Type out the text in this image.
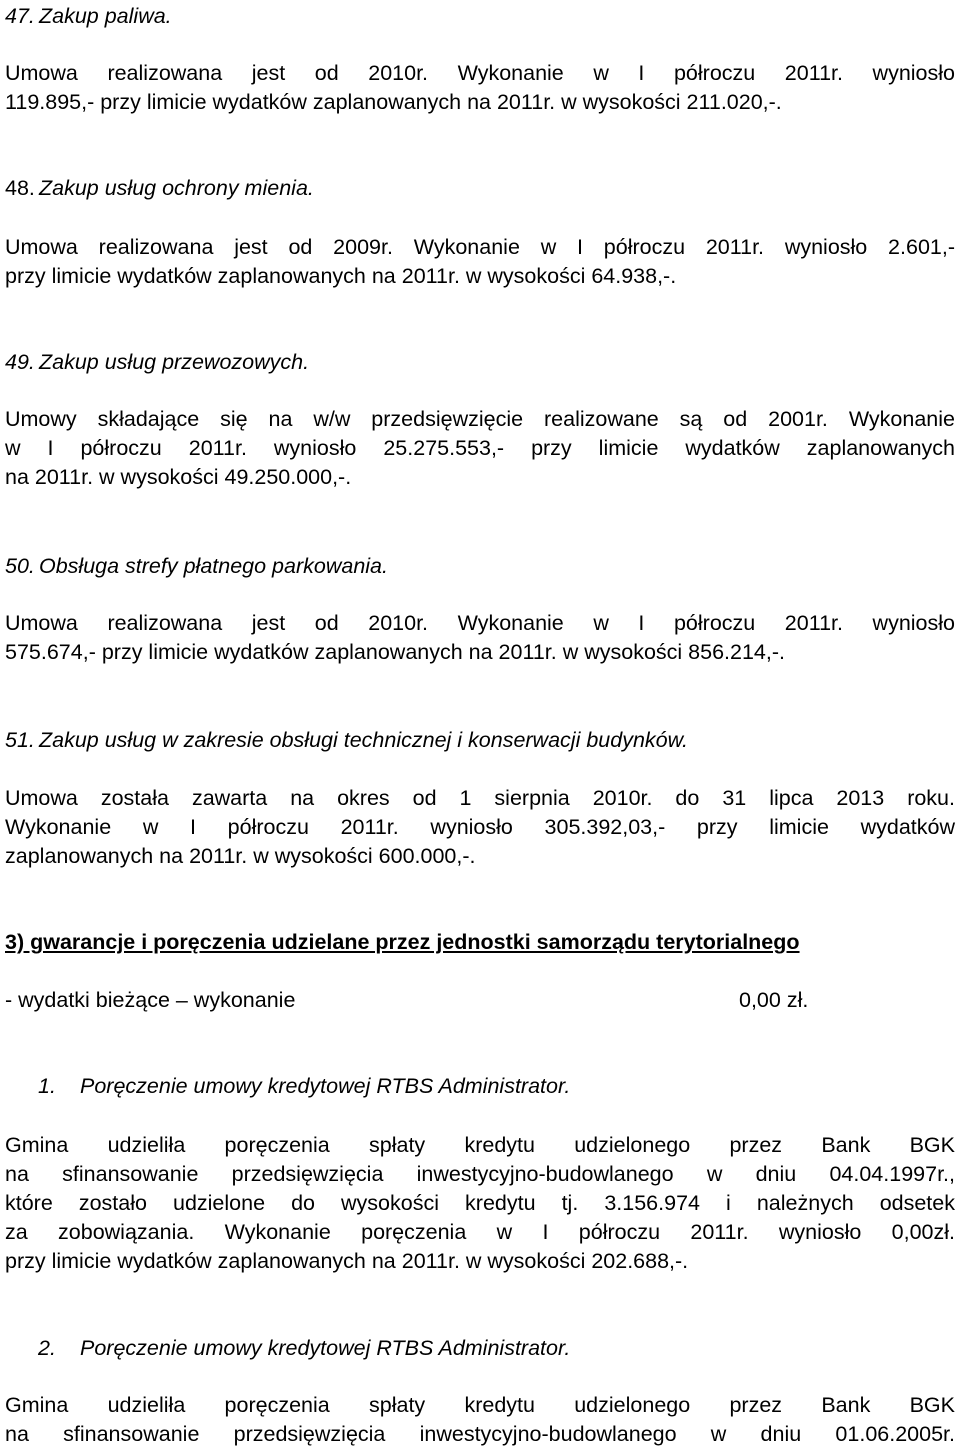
47. Zakup paliwa.
Umowa realizowana jest od 2010r. Wykonanie w I półroczu 2011r. wyniosło
119.895,- przy limicie wydatków zaplanowanych na 2011r. w wysokości 211.020,-.
48. Zakup usług ochrony mienia.
Umowa realizowana jest od 2009r. Wykonanie w I półroczu 2011r. wyniosło 2.601,-
przy limicie wydatków zaplanowanych na 2011r. w wysokości 64.938,-.
49. Zakup usług przewozowych.
Umowy składające się na w/w przedsięwzięcie realizowane są od 2001r. Wykonanie
w I półroczu 2011r. wyniosło 25.275.553,- przy limicie wydatków zaplanowanych
na 2011r. w wysokości 49.250.000,-.
50. Obsługa strefy płatnego parkowania.
Umowa realizowana jest od 2010r. Wykonanie w I półroczu 2011r. wyniosło
575.674,- przy limicie wydatków zaplanowanych na 2011r. w wysokości 856.214,-.
51. Zakup usług w zakresie obsługi technicznej i konserwacji budynków.
Umowa została zawarta na okres od 1 sierpnia 2010r. do 31 lipca 2013 roku.
Wykonanie w I półroczu 2011r. wyniosło 305.392,03,- przy limicie wydatków
zaplanowanych na 2011r. w wysokości 600.000,-.
3) gwarancje i poręczenia udzielane przez jednostki samorządu terytorialnego
- wydatki bieżące – wykonanie	0,00 zł.
1. Poręczenie umowy kredytowej RTBS Administrator.
Gmina udzieliła poręczenia spłaty kredytu udzielonego przez Bank BGK
na sfinansowanie przedsięwzięcia inwestycyjno-budowlanego w dniu 04.04.1997r.,
które zostało udzielone do wysokości kredytu tj. 3.156.974 i należnych odsetek
za zobowiązania. Wykonanie poręczenia w I półroczu 2011r. wyniosło 0,00zł.
przy limicie wydatków zaplanowanych na 2011r. w wysokości 202.688,-.
2. Poręczenie umowy kredytowej RTBS Administrator.
Gmina udzieliła poręczenia spłaty kredytu udzielonego przez Bank BGK
na sfinansowanie przedsięwzięcia inwestycyjno-budowlanego w dniu 01.06.2005r.
